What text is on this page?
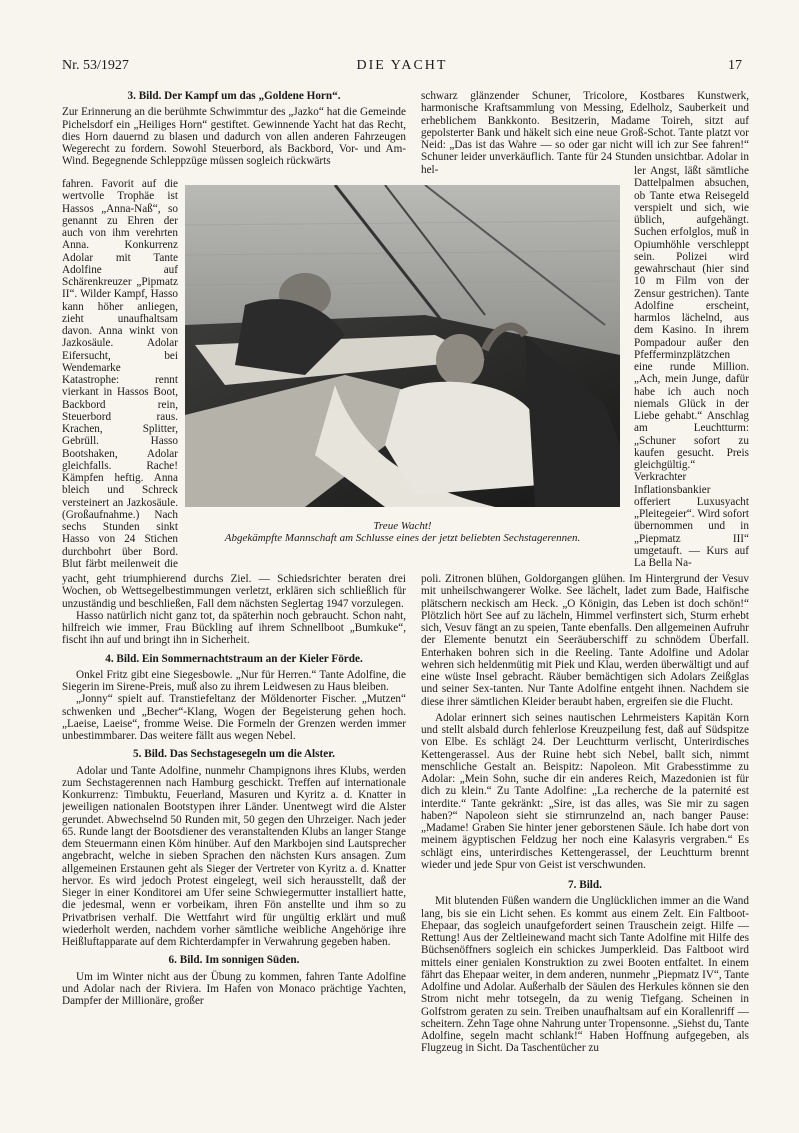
Nr. 53/1927	DIE YACHT	17
3. Bild. Der Kampf um das „Goldene Horn“.

Zur Erinnerung an die berühmte Schwimmtur des „Jazko“ hat die Gemeinde Pichelsdorf ein „Heiliges Horn“ gestiftet. Gewinnende Yacht hat das Recht, dies Horn dauernd zu blasen und dadurch von allen anderen Fahrzeugen Wegerecht zu fordern. Sowohl Steuerbord, als Backbord, Vor- und Am-Wind. Begegnende Schleppzüge müssen sogleich rückwärts

fahren. Favorit auf die wertvolle Trophäe ist Hassos „Anna-Naß“, so genannt zu Ehren der auch von ihm verehrten Anna. Konkurrenz Adolar mit Tante Adolfine auf Schärenkreuzer „Pipmatz II“. Wilder Kampf, Hasso kann höher anliegen, zieht unaufhaltsam davon. Anna winkt von Jazkosäule. Adolar Eifersucht, bei Wendemarke Katastrophe: rennt vierkant in Hassos Boot, Backbord rein, Steuerbord raus. Krachen, Splitter, Gebrüll. Hasso Bootshaken, Adolar gleichfalls. Rache! Kämpfen heftig. Anna bleich und Schreck versteinert an Jazkosäule. (Großaufnahme.) Nach sechs Stunden sinkt Hasso von 24 Stichen durchbohrt über Bord. Blut färbt meilenweit die
schwarz glänzender Schuner, Tricolore, Kostbares Kunstwerk, harmonische Kraftsammlung von Messing, Edelholz, Sauberkeit und erheblichem Bankkonto. Besitzerin, Madame Toireh, sitzt auf gepolsterter Bank und häkelt sich eine neue Groß-Schot. Tante platzt vor Neid: „Das ist das Wahre — so oder gar nicht will ich zur See fahren!“ Schuner leider unverkäuflich. Tante für 24 Stunden unsichtbar. Adolar in hel-	ler Angst, läßt sämtliche Dattelpalmen absuchen, ob Tante etwa Reisegeld verspielt und sich, wie üblich, aufgehängt. Suchen erfolglos, muß in Opiumhöhle verschleppt sein. Polizei wird gewahrschaut (hier sind 10 m Film von der Zensur gestrichen). Tante Adolfine erscheint, harmlos lächelnd, aus dem Kasino. In ihrem Pompadour außer den Pfefferminzplätzchen eine runde Million. „Ach, mein Junge, dafür habe ich auch noch niemals Glück in der Liebe gehabt.“ Anschlag am Leuchtturm: „Schuner sofort zu kaufen gesucht. Preis gleichgültig.“ Verkrachter Inflationsbankier offeriert Luxusyacht „Pleitegeier“. Wird sofort übernommen und in „Piepmatz III“ umgetauft. — Kurs auf La Bella Na-
Treue Wacht!
Abgekämpfte Mannschaft am Schlusse eines der jetzt beliebten Sechstagerennen.

yacht, geht triumphierend durchs Ziel. — Schiedsrichter beraten drei Wochen, ob Wettsegelbestimmungen verletzt, erklären sich schließlich für unzuständig und beschließen, Fall dem nächsten Seglertag 1947 vorzulegen.

Hasso natürlich nicht ganz tot, da späterhin noch gebraucht. Schon naht, hilfreich wie immer, Frau Bückling auf ihrem Schnellboot „Bumkuke“, fischt ihn auf und bringt ihn in Sicherheit.

4. Bild. Ein Sommernachtstraum an der Kieler Förde.

Onkel Fritz gibt eine Siegesbowle. „Nur für Herren.“ Tante Adolfine, die Siegerin im Sirene-Preis, muß also zu ihrem Leidwesen zu Haus bleiben.

„Jonny“ spielt auf. Transtiefeltanz der Möldenorter Fischer. „Mutzen“ schwenken und „Becher“-Klang, Wogen der Begeisterung gehen hoch. „Laeise, Laeise“, fromme Weise. Die Formeln der Grenzen werden immer unbestimmbarer. Das weitere fällt aus wegen Nebel.

5. Bild. Das Sechstagesegeln um die Alster.

Adolar und Tante Adolfine, nunmehr Champignons ihres Klubs, werden zum Sechstagerennen nach Hamburg geschickt. Treffen auf internationale Konkurrenz: Timbuktu, Feuerland, Masuren und Kyritz a. d. Knatter in jeweiligen nationalen Bootstypen ihrer Länder. Unentwegt wird die Alster gerundet. Abwechselnd 50 Runden mit, 50 gegen den Uhrzeiger. Nach jeder 65. Runde langt der Bootsdiener des veranstaltenden Klubs an langer Stange dem Steuermann einen Köm hinüber. Auf den Markbojen sind Lautsprecher angebracht, welche in sieben Sprachen den nächsten Kurs ansagen. Zum allgemeinen Erstaunen geht als Sieger der Vertreter von Kyritz a. d. Knatter hervor. Es wird jedoch Protest eingelegt, weil sich herausstellt, daß der Sieger in einer Konditorei am Ufer seine Schwiegermutter installiert hatte, die jedesmal, wenn er vorbeikam, ihren Fön anstellte und ihm so zu Privatbrisen verhalf. Die Wettfahrt wird für ungültig erklärt und muß wiederholt werden, nachdem vorher sämtliche weibliche Angehörige ihre Heißluftapparate auf dem Richterdampfer in Verwahrung gegeben haben.

6. Bild. Im sonnigen Süden.

Um im Winter nicht aus der Übung zu kommen, fahren Tante Adolfine und Adolar nach der Riviera. Im Hafen von Monaco prächtige Yachten, Dampfer der Millionäre, großer

poli. Zitronen blühen, Goldorgangen glühen. Im Hintergrund der Vesuv mit unheilschwangerer Wolke. See lächelt, ladet zum Bade, Haifische plätschern neckisch am Heck. „O Königin, das Leben ist doch schön!“ Plötzlich hört See auf zu lächeln, Himmel verfinstert sich, Sturm erhebt sich, Vesuv fängt an zu speien, Tante ebenfalls. Den allgemeinen Aufruhr der Elemente benutzt ein Seeräuberschiff zu schnödem Überfall. Enterhaken bohren sich in die Reeling. Tante Adolfine und Adolar wehren sich heldenmütig mit Piek und Klau, werden überwältigt und auf eine wüste Insel gebracht. Räuber bemächtigen sich Adolars Zeißglas und seiner Sex-tanten. Nur Tante Adolfine entgeht ihnen. Nachdem sie diese ihrer sämtlichen Kleider beraubt haben, ergreifen sie die Flucht.

Adolar erinnert sich seines nautischen Lehrmeisters Kapitän Korn und stellt alsbald durch fehlerlose Kreuzpeilung fest, daß auf Südspitze von Elbe. Es schlägt 24. Der Leuchtturm verlischt, Unterirdisches Kettengerassel. Aus der Ruine hebt sich Nebel, ballt sich, nimmt menschliche Gestalt an. Beispitz: Napoleon. Mit Grabesstimme zu Adolar: „Mein Sohn, suche dir ein anderes Reich, Mazedonien ist für dich zu klein.“ Zu Tante Adolfine: „La recherche de la paternité est interdite.“ Tante gekränkt: „Sire, ist das alles, was Sie mir zu sagen haben?“ Napoleon sieht sie stirnrunzelnd an, nach banger Pause: „Madame! Graben Sie hinter jener geborstenen Säule. Ich habe dort von meinem ägyptischen Feldzug her noch eine Kalasyris vergraben.“ Es schlägt eins, unterirdisches Kettengerassel, der Leuchtturm brennt wieder und jede Spur von Geist ist verschwunden.

7. Bild.

Mit blutenden Füßen wandern die Unglücklichen immer an die Wand lang, bis sie ein Licht sehen. Es kommt aus einem Zelt. Ein Faltboot-Ehepaar, das sogleich unaufgefordert seinen Trauschein zeigt. Hilfe — Rettung! Aus der Zeltleinewand macht sich Tante Adolfine mit Hilfe des Büchsenöffners sogleich ein schickes Jumperkleid. Das Faltboot wird mittels einer genialen Konstruktion zu zwei Booten entfaltet. In einem fährt das Ehepaar weiter, in dem anderen, nunmehr „Piepmatz IV“, Tante Adolfine und Adolar. Außerhalb der Säulen des Herkules können sie den Strom nicht mehr totsegeln, da zu wenig Tiefgang. Scheinen in Golfstrom geraten zu sein. Treiben unaufhaltsam auf ein Korallenriff — scheitern. Zehn Tage ohne Nahrung unter Tropensonne. „Siehst du, Tante Adolfine, segeln macht schlank!“ Haben Hoffnung aufgegeben, als Flugzeug in Sicht. Da Taschentücher zu
